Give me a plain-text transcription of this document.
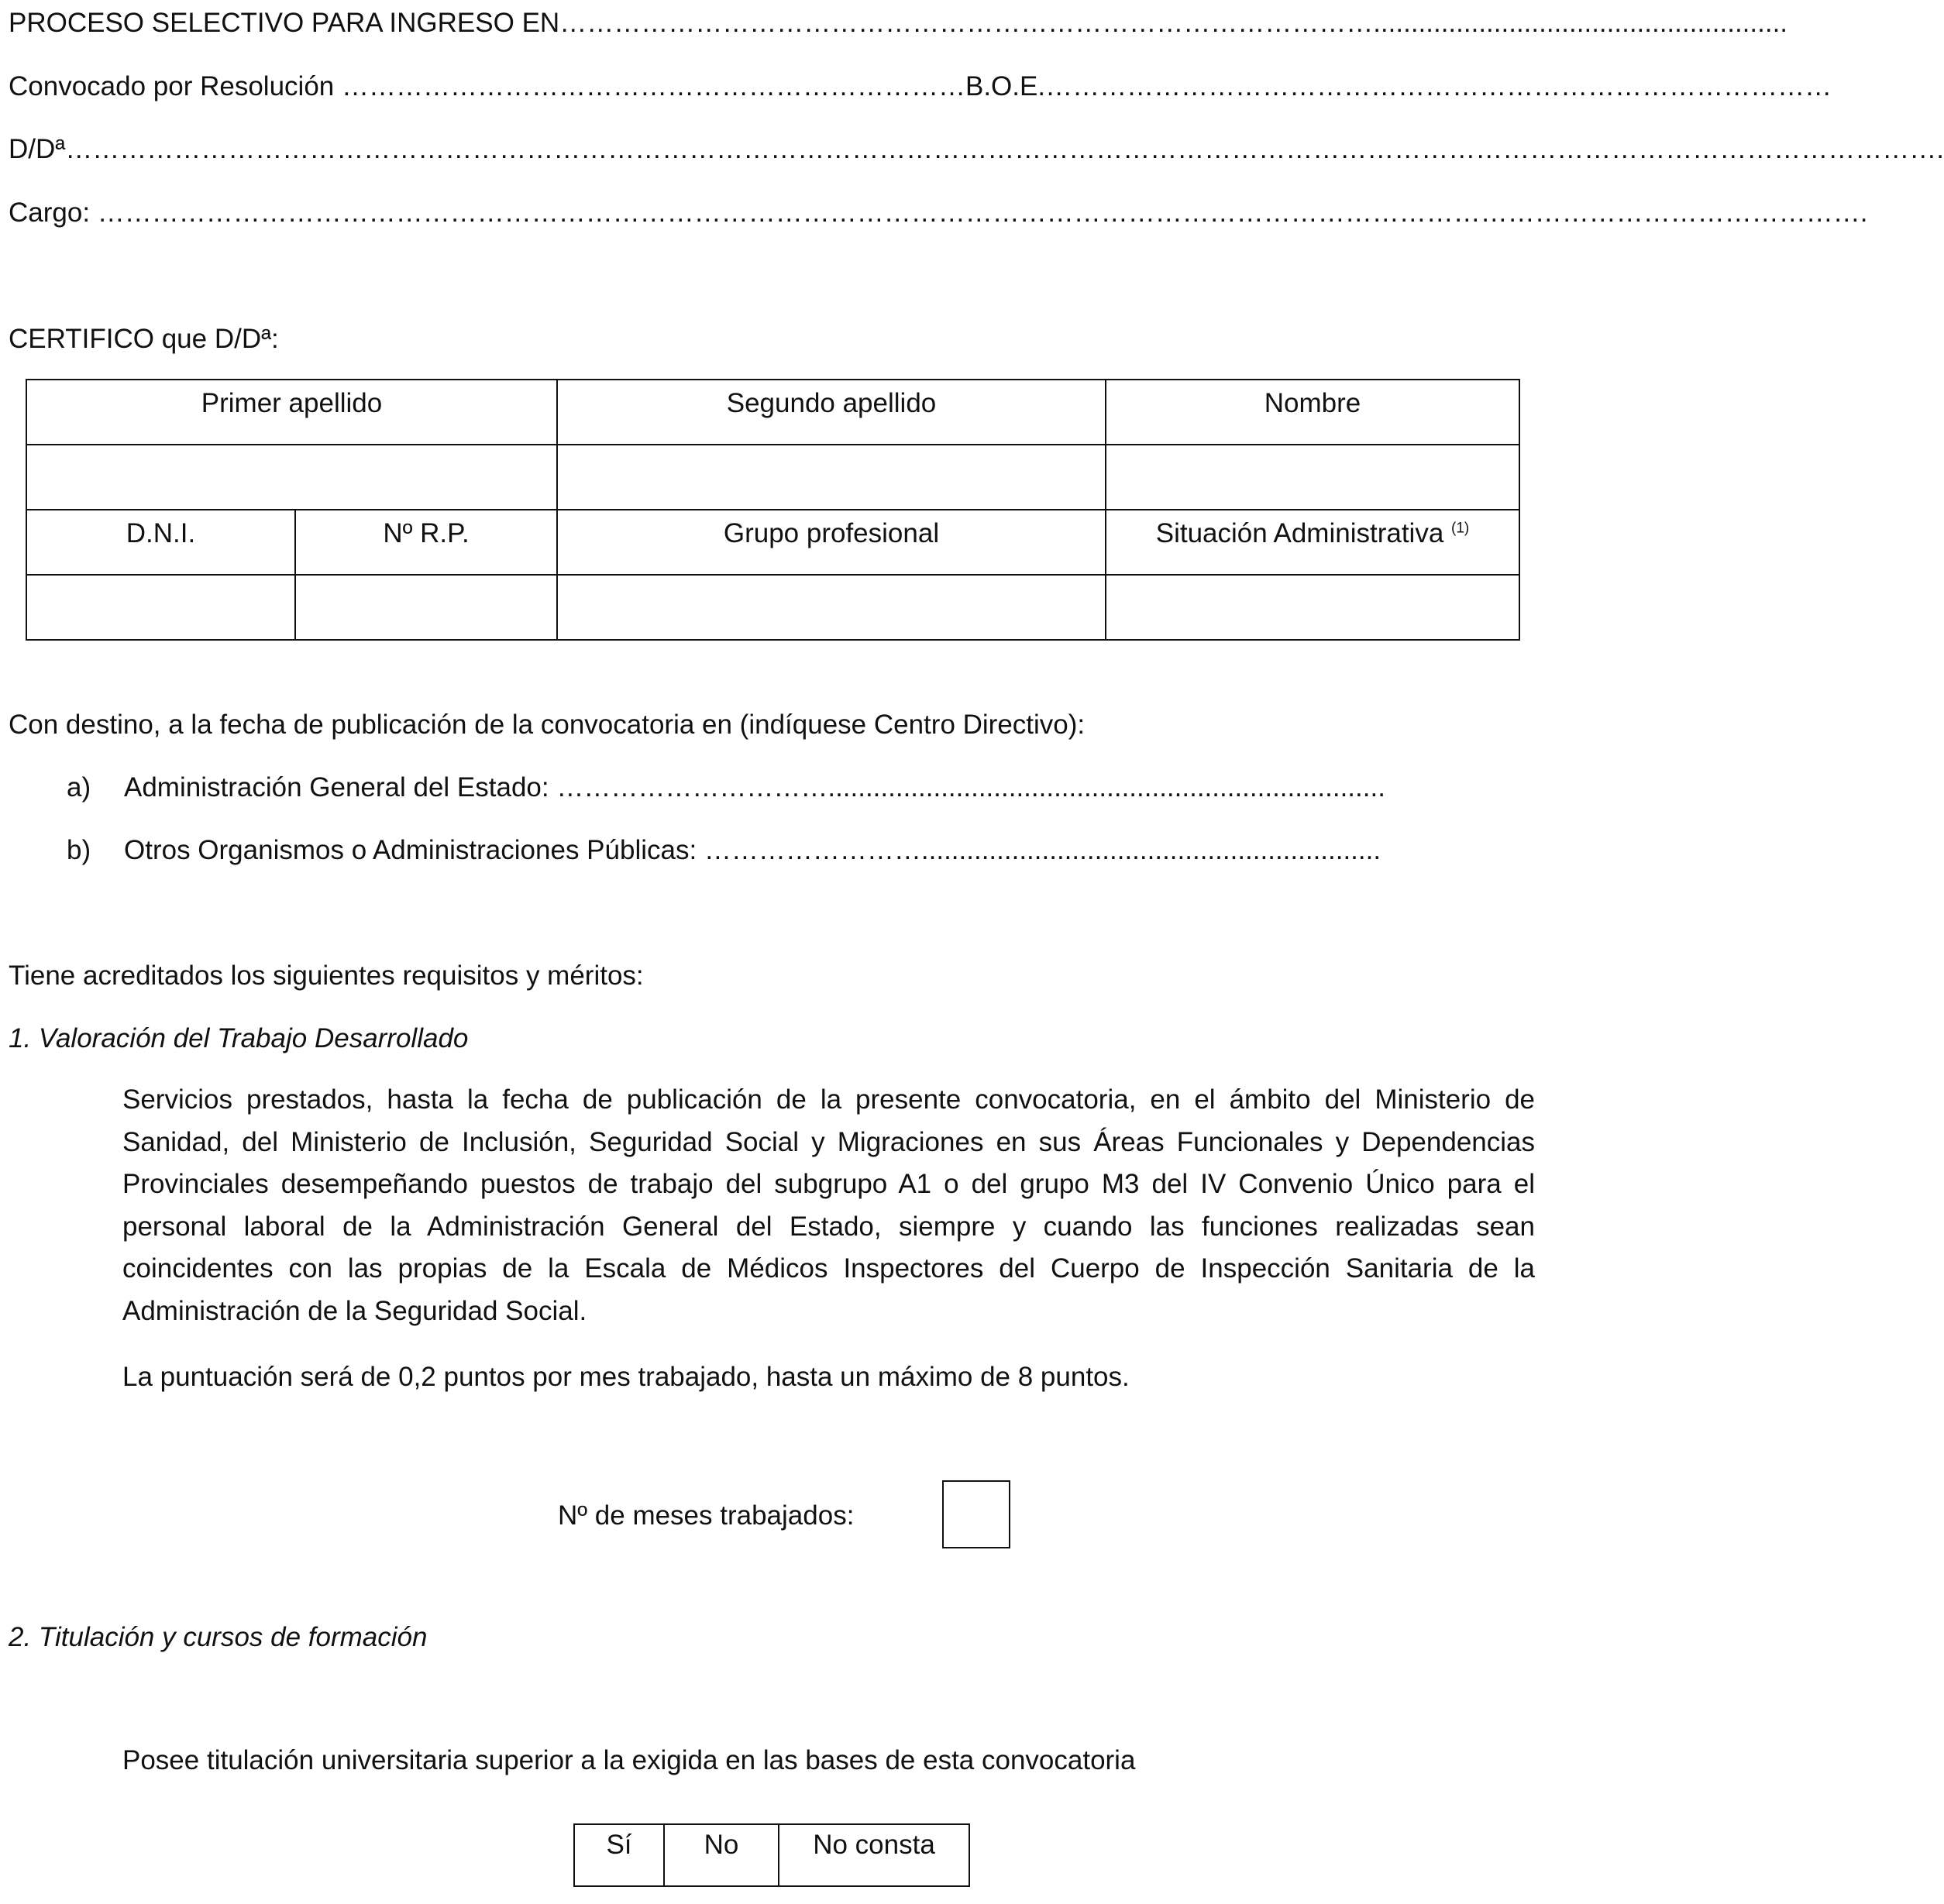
PROCESO SELECTIVO PARA INGRESO EN……………………………………………………………………………….......................................................
Convocado por Resolución ……………………………………………………………B.O.E.……………………………………………………………………………
D/Dª……………………………………………………………………………………………………………………………………………………………………………………….
Cargo: …………………………………………………………………………………………………………………………………………………………………………….
CERTIFICO que D/Dª:
Primer apellido		Segundo apellido	Nombre

D.N.I.	Nº R.P.	Grupo profesional	Situación Administrativa $^{(1)}$

Con destino, a la fecha de publicación de la convocatoria en (indíquese Centro Directivo):
a) Administración General del Estado: …………………………..........................................................................
b) Otros Organismos o Administraciones Públicas: …………………….............................................................
Tiene acreditados los siguientes requisitos y méritos:
1. Valoración del Trabajo Desarrollado
Servicios prestados, hasta la fecha de publicación de la presente convocatoria, en el ámbito del Ministerio de Sanidad, del Ministerio de Inclusión, Seguridad Social y Migraciones en sus Áreas Funcionales y Dependencias Provinciales desempeñando puestos de trabajo del subgrupo A1 o del grupo M3 del IV Convenio Único para el personal laboral de la Administración General del Estado, siempre y cuando las funciones realizadas sean coincidentes con las propias de la Escala de Médicos Inspectores del Cuerpo de Inspección Sanitaria de la Administración de la Seguridad Social.
La puntuación será de 0,2 puntos por mes trabajado, hasta un máximo de 8 puntos.
Nº de meses trabajados:
2. Titulación y cursos de formación
Posee titulación universitaria superior a la exigida en las bases de esta convocatoria
Sí	No	No consta
